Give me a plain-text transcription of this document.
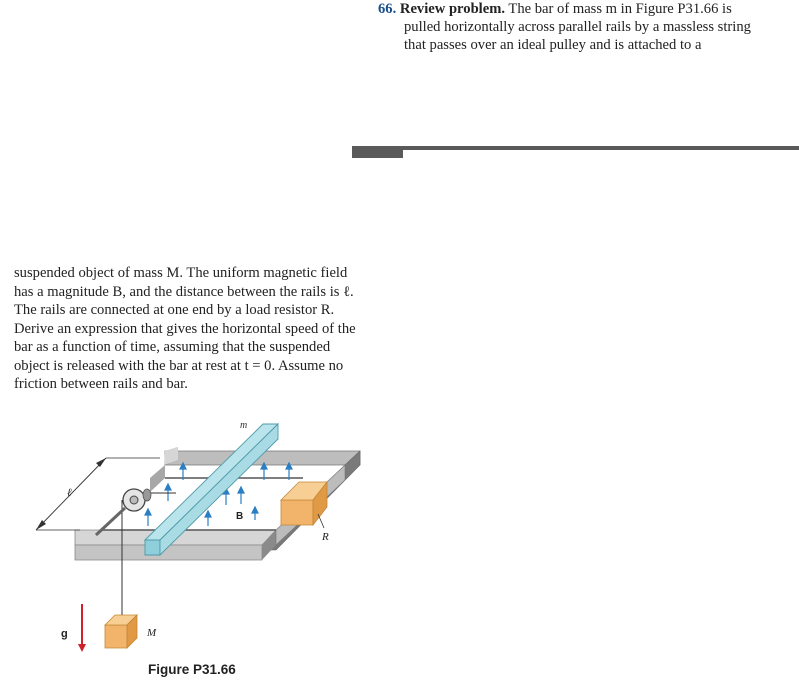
66. Review problem. The bar of mass m in Figure P31.66 is
pulled horizontally across parallel rails by a massless string
that passes over an ideal pulley and is attached to a
suspended object of mass M. The uniform magnetic field
has a magnitude B, and the distance between the rails is ℓ.
The rails are connected at one end by a load resistor R.
Derive an expression that gives the horizontal speed of the
bar as a function of time, assuming that the suspended
object is released with the bar at rest at t = 0. Assume no
friction between rails and bar.
B
R
m
ℓ
M
g
Figure P31.66
